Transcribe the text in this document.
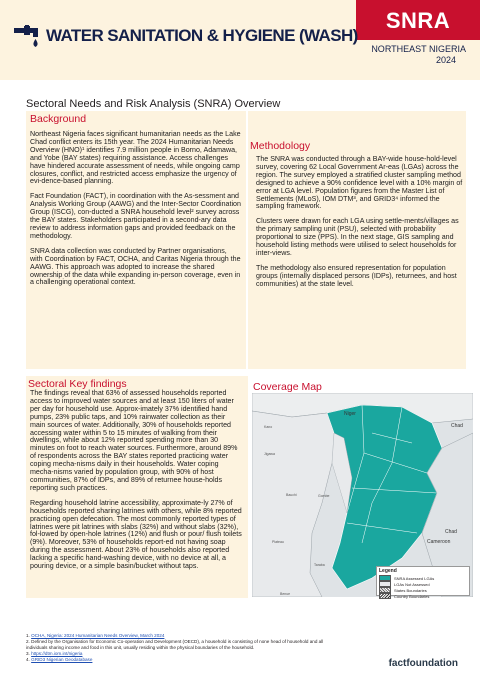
SNRA
WATER SANITATION & HYGIENE (WASH)
NORTHEAST NIGERIA
2024
Sectoral Needs and Risk Analysis (SNRA) Overview
Background

Northeast Nigeria faces significant humanitarian needs as the Lake Chad conflict enters its 15th year. The 2024 Humanitarian Needs Overview (HNO)¹ identifies 7.9 million people in Borno, Adamawa, and Yobe (BAY states) requiring assistance. Access challenges have hindered accurate assessment of needs, while ongoing camp closures, conflict, and restricted access emphasize the urgency of evi-dence-based planning.

Fact Foundation (FACT), in coordination with the As-sessment and Analysis Working Group (AAWG) and the Inter-Sector Coordination Group (ISCG), con-ducted a SNRA household level² survey across the BAY states. Stakeholders participated in a second-ary data review to address information gaps and provided feedback on the methodology.

SNRA data collection was conducted by Partner organisations, with Coordination by FACT, OCHA, and Caritas Nigeria through the AAWG. This approach was adopted to increase the shared ownership of the data while expanding in-person coverage, even in a challenging operational context.

Methodology

The SNRA was conducted through a BAY-wide house-hold-level survey, covering 62 Local Government Ar-eas (LGAs) across the region. The survey employed a stratified cluster sampling method designed to achieve a 90% confidence level with a 10% margin of error at LGA level. Population figures from the Master List of Settlements (MLoS), IOM DTM³, and GRID3⁴ informed the sampling framework.

Clusters were drawn for each LGA using settle-ments/villages as the primary sampling unit (PSU), selected with probability proportional to size (PPS). In the next stage, GIS sampling and household listing methods were utilised to select households for inter-views.

The methodology also ensured representation for population groups (internally displaced persons (IDPs), returnees, and host communities) at the state level.

Sectoral Key findings

The findings reveal that 63% of assessed households reported access to improved water sources and at least 150 liters of water per day for household use. Approx-imately 37% identified hand pumps, 23% public taps, and 10% rainwater collection as their main sources of water. Additionally, 30% of households reported accessing water within 5 to 15 minutes of walking from their dwellings, while about 12% reported spending more than 30 minutes on foot to reach water sources. Furthermore, around 89% of respondents across the BAY states reported practicing water coping mecha-nisms daily in their households. Water coping mecha-nisms varied by population group, with 90% of host communities, 87% of IDPs, and 89% of returnee house-holds reporting such practices.

Regarding household latrine accessibility, approximate-ly 27% of households reported sharing latrines with others, while 8% reported practicing open defecation. The most commonly reported types of latrines were pit latrines with slabs (32%) and without slabs (32%), fol-lowed by open-hole latrines (12%) and flush or pour/ flush toilets (9%). Moreover, 53% of households report-ed not having soap during the assessment. About 23% of households also reported lacking a specific hand-washing device, with no device at all, a pouring device, or a simple basin/bucket without taps.

Coverage Map
Niger
Chad
Chad
Cameroon
Kano
Jigawa
Bauchi	Gombe
Plateau
Taraba
Benue
Legend
SNRA Assessed LGAs
LGAs Not Assessed
States Boundaries
Country Boundaries
1. OCHA, Nigeria: 2024 Humanitarian Needs Overview, March 2024
2. Defined by the Organisation for Economic Co-operation and Development (OECD), a household is consisting of none head of household and all
individuals sharing income and food in this unit, usually residing within the physical boundaries of the household.
3. https://dtm.iom.int/nigeria
4. GRID3 Nigerian Geodatabase	factfoundation
